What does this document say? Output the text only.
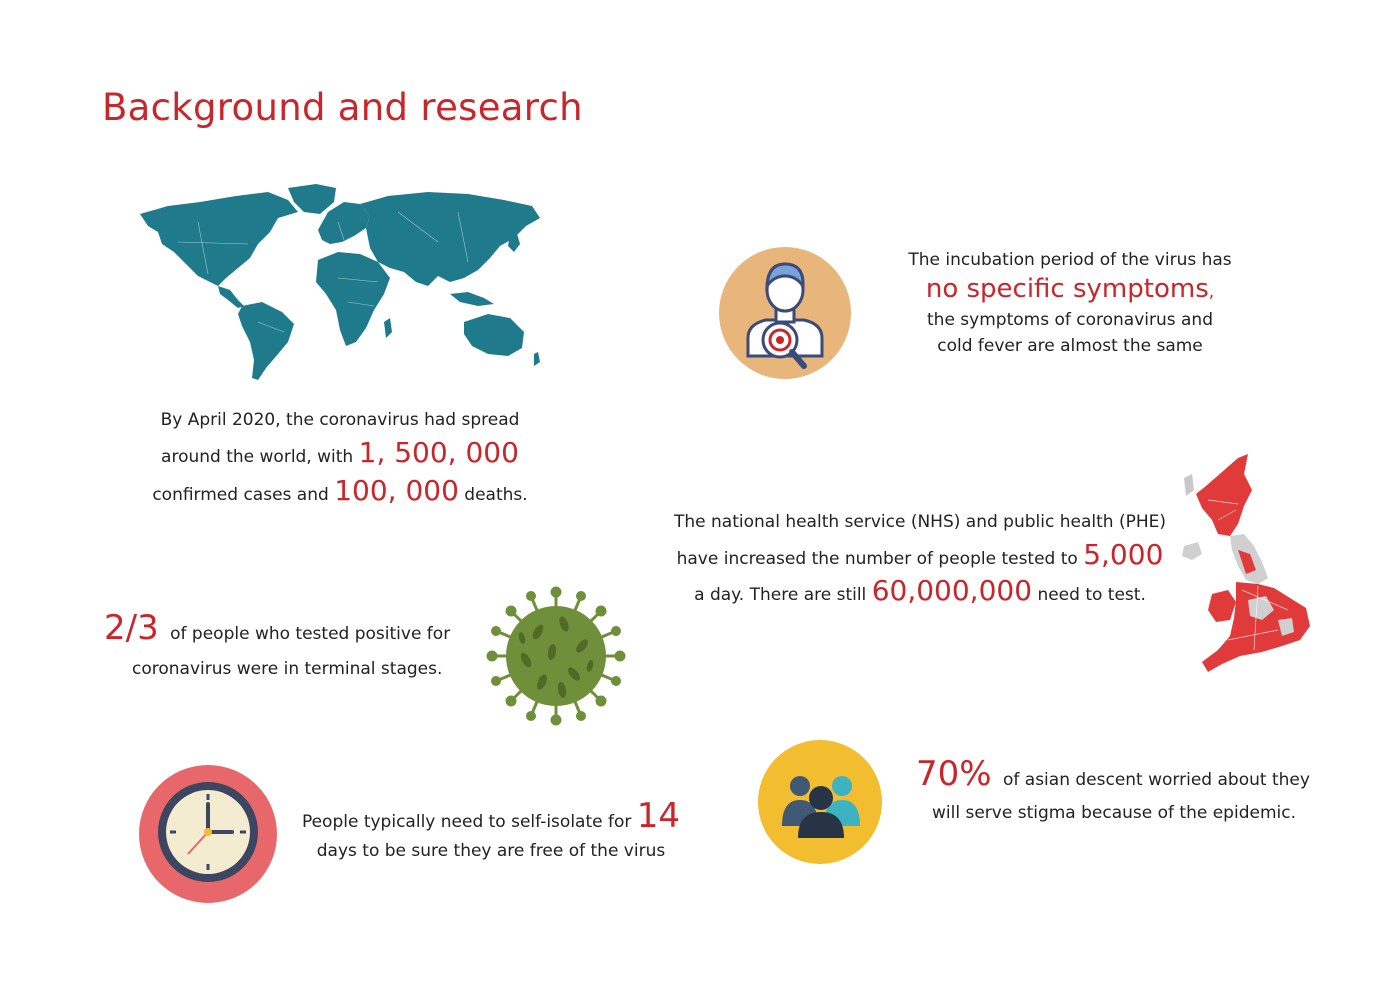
Background and research
By April 2020, the coronavirus had spread
around the world, with 1, 500, 000
confirmed cases and 100, 000 deaths.
The incubation period of the virus has
no specific symptoms,
the symptoms of coronavirus and
cold fever are almost the same
The national health service (NHS) and public health (PHE)
have increased the number of people tested to 5,000
a day. There are still 60,000,000 need to test.
2/3 of people who tested positive for
coronavirus were in terminal stages.
People typically need to self-isolate for 14
days to be sure they are free of the virus
70% of asian descent worried about they
will serve stigma because of the epidemic.
